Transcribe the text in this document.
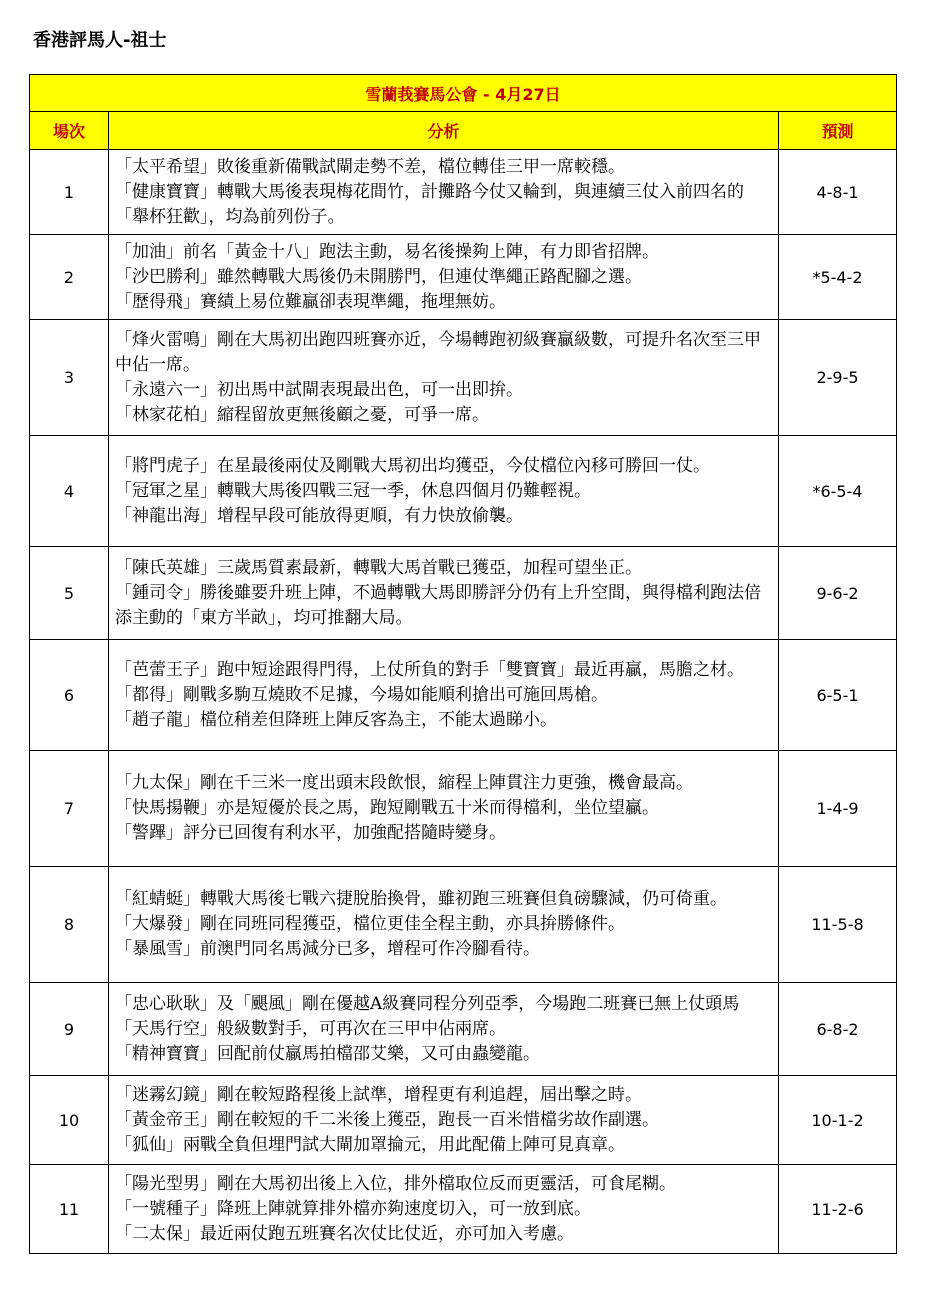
香港評馬人-祖士
雪蘭莪賽馬公會 - 4月27日		
場次	分析	預測
1	「太平希望」敗後重新備戰試閘走勢不差，檔位轉佳三甲一席較穩。
「健康寶寶」轉戰大馬後表現梅花間竹，計攤路今仗又輪到，與連續三仗入前四名的「舉杯狂歡」，均為前列份子。	4-8-1
2	「加油」前名「黃金十八」跑法主動，易名後操夠上陣，有力即省招牌。
「沙巴勝利」雖然轉戰大馬後仍未開勝門，但連仗準繩正路配腳之選。
「歷得飛」賽績上易位難贏卻表現準繩，拖埋無妨。	*5-4-2
3	「烽火雷鳴」剛在大馬初出跑四班賽亦近，今場轉跑初級賽贏級數，可提升名次至三甲中佔一席。
「永遠六一」初出馬中試閘表現最出色，可一出即拚。
「林家花柏」縮程留放更無後顧之憂，可爭一席。	2-9-5
4	「將門虎子」在星最後兩仗及剛戰大馬初出均獲亞，今仗檔位內移可勝回一仗。
「冠軍之星」轉戰大馬後四戰三冠一季，休息四個月仍難輕視。
「神龍出海」增程早段可能放得更順，有力快放偷襲。	*6-5-4
5	「陳氏英雄」三歲馬質素最新，轉戰大馬首戰已獲亞，加程可望坐正。
「鍾司令」勝後雖要升班上陣，不過轉戰大馬即勝評分仍有上升空間，與得檔利跑法倍添主動的「東方半畝」，均可推翻大局。	9-6-2
6	「芭蕾王子」跑中短途跟得門得，上仗所負的對手「雙寶寶」最近再贏，馬膽之材。
「都得」剛戰多駒互燒敗不足據，今場如能順利搶出可施回馬槍。
「趙子龍」檔位稍差但降班上陣反客為主，不能太過睇小。	6-5-1
7	「九太保」剛在千三米一度出頭末段飲恨，縮程上陣貫注力更強，機會最高。
「快馬揚鞭」亦是短優於長之馬，跑短剛戰五十米而得檔利，坐位望贏。
「警蹕」評分已回復有利水平，加強配搭隨時變身。	1-4-9
8	「紅蜻蜓」轉戰大馬後七戰六捷脫胎換骨，雖初跑三班賽但負磅驟減，仍可倚重。
「大爆發」剛在同班同程獲亞，檔位更佳全程主動，亦具拚勝條件。
「暴風雪」前澳門同名馬減分已多，增程可作冷腳看待。	11-5-8
9	「忠心耿耿」及「颶風」剛在優越A級賽同程分列亞季，今場跑二班賽已無上仗頭馬「天馬行空」般級數對手，可再次在三甲中佔兩席。
「精神寶寶」回配前仗贏馬拍檔邵艾樂，又可由蟲變龍。	6-8-2
10	「迷霧幻鏡」剛在較短路程後上試準，增程更有利追趕，屆出擊之時。
「黃金帝王」剛在較短的千二米後上獲亞，跑長一百米惜檔劣故作副選。
「狐仙」兩戰全負但埋門試大閘加罩掄元，用此配備上陣可見真章。	10-1-2
11	「陽光型男」剛在大馬初出後上入位，排外檔取位反而更靈活，可食尾糊。
「一號種子」降班上陣就算排外檔亦夠速度切入，可一放到底。
「二太保」最近兩仗跑五班賽名次仗比仗近，亦可加入考慮。	11-2-6
